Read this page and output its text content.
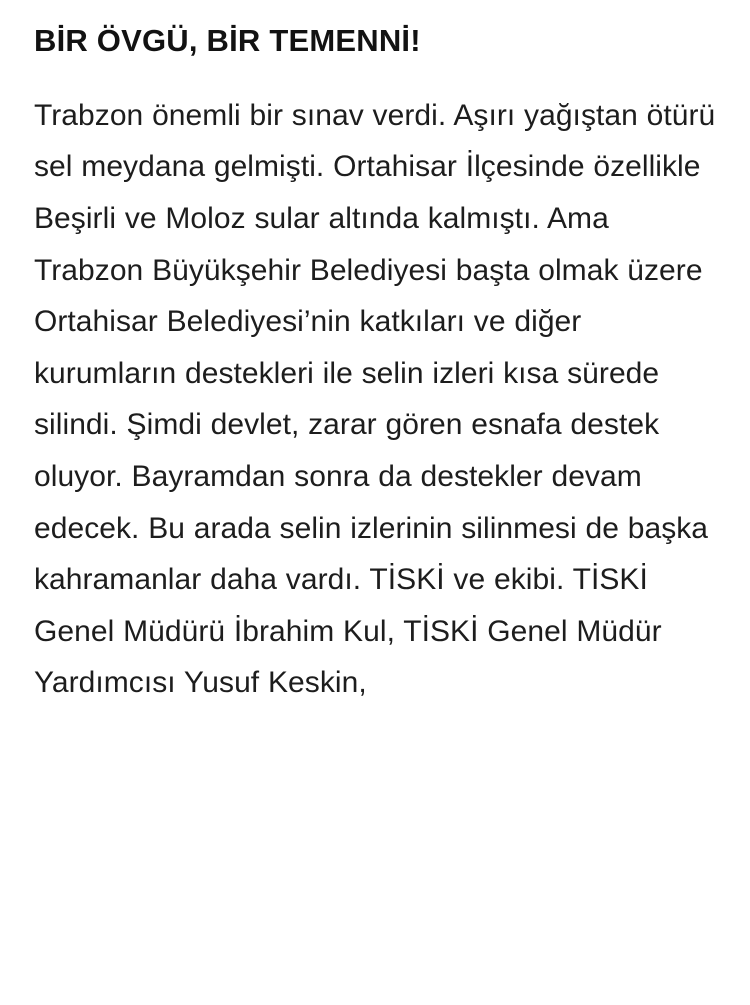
BİR ÖVGÜ, BİR TEMENNİ!

Trabzon önemli bir sınav verdi. Aşırı yağıştan ötürü sel meydana gelmişti. Ortahisar İlçesinde özellikle Beşirli ve Moloz sular altında kalmıştı. Ama Trabzon Büyükşehir Belediyesi başta olmak üzere Ortahisar Belediyesi’nin katkıları ve diğer kurumların destekleri ile selin izleri kısa sürede silindi. Şimdi devlet, zarar gören esnafa destek oluyor. Bayramdan sonra da destekler devam edecek. Bu arada selin izlerinin silinmesi de başka kahramanlar daha vardı. TİSKİ ve ekibi. TİSKİ Genel Müdürü İbrahim Kul, TİSKİ Genel Müdür Yardımcısı Yusuf Keskin,
